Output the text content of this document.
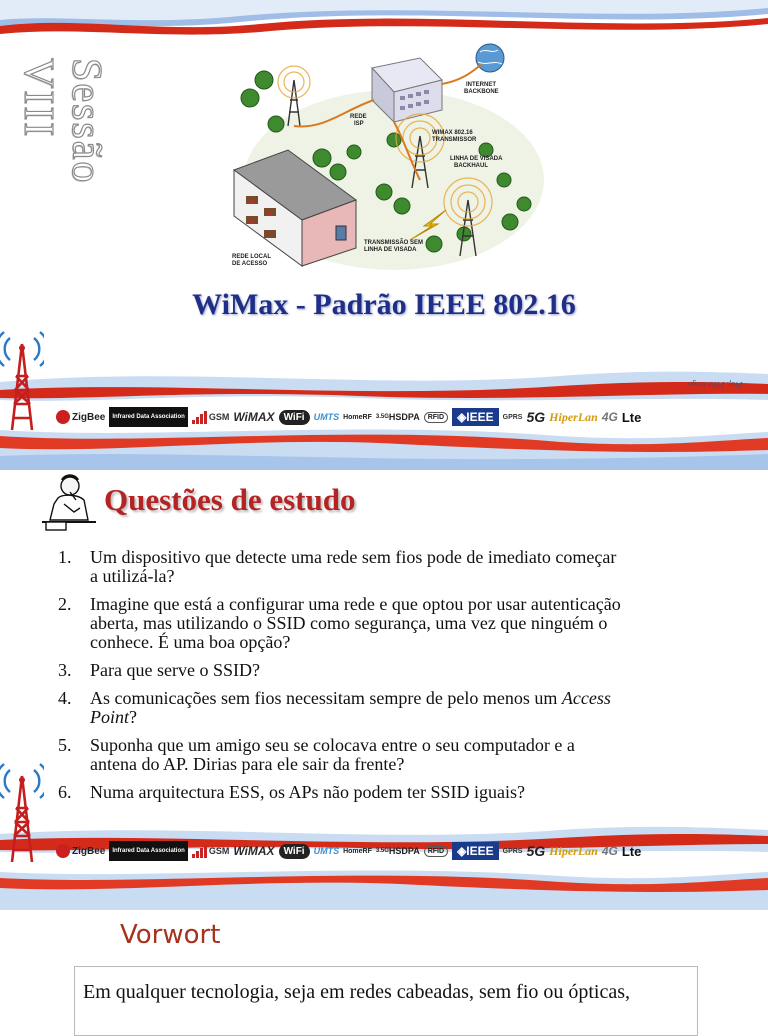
Sessão VIII	INTERNET
BACKBONE
REDE
ISP
WIMAX 802.16
TRANSMISSOR
LINHA DE VISADA
BACKHAUL
REDE LOCAL
DE ACESSO
TRANSMISSÃO SEM
LINHA DE VISADA
WiMax - Padrão IEEE 802.16
Prof. Félix Singo
ZigBee	Infrared Data Association	GSM WiMAX WiFi	UMTS HomeRF 3.5G HSDPA	RFID	◈IEEE	GPRS 5G HiperLan 4G Lte
Questões de estudo
1. Um dispositivo que detecte uma rede sem fios pode de imediato começar
a utilizá-la?
2. Imagine que está a configurar uma rede e que optou por usar autenticação
aberta, mas utilizando o SSID como segurança, uma vez que ninguém o
conhece. É uma boa opção?
3. Para que serve o SSID?
4. As comunicações sem fios necessitam sempre de pelo menos um Access
Point?
5. Suponha que um amigo seu se colocava entre o seu computador e a
antena do AP. Dirias para ele sair da frente?
6. Numa arquitectura ESS, os APs não podem ter SSID iguais?
ZigBee	Infrared Data Association	GSM WiMAX WiFi	UMTS HomeRF 3.5G HSDPA	RFID	◈IEEE	GPRS 5G HiperLan 4G Lte
Vorwort
Em qualquer tecnologia, seja em redes cabeadas, sem fio ou ópticas,
